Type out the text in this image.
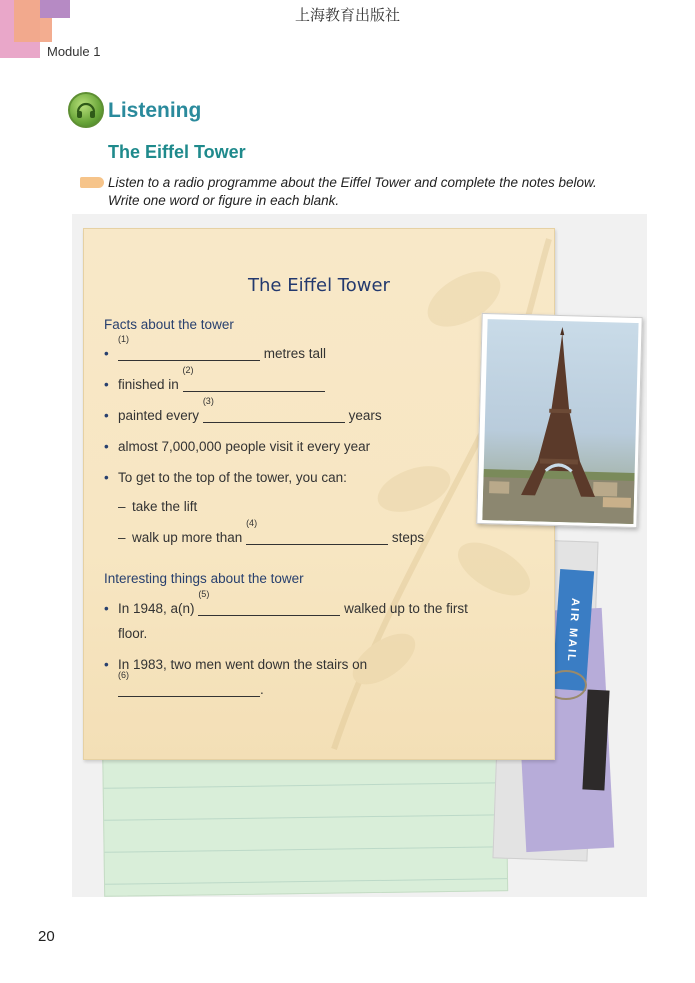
上海教育出版社
Module 1
Listening
The Eiffel Tower
Listen to a radio programme about the Eiffel Tower and complete the notes below.
Write one word or figure in each blank.
AIR MAIL
The Eiffel Tower
Facts about the tower
•
(1)
metres tall
• finished in
(2)
• painted every
(3)
years
• almost 7,000,000 people visit it every year
• To get to the top of the tower, you can:
– take the lift
– walk up more than
(4)
steps
Interesting things about the tower
• In 1948, a(n)
(5)
walked up to the first
floor.
• In 1983, two men went down the stairs on
(6)
.
20
